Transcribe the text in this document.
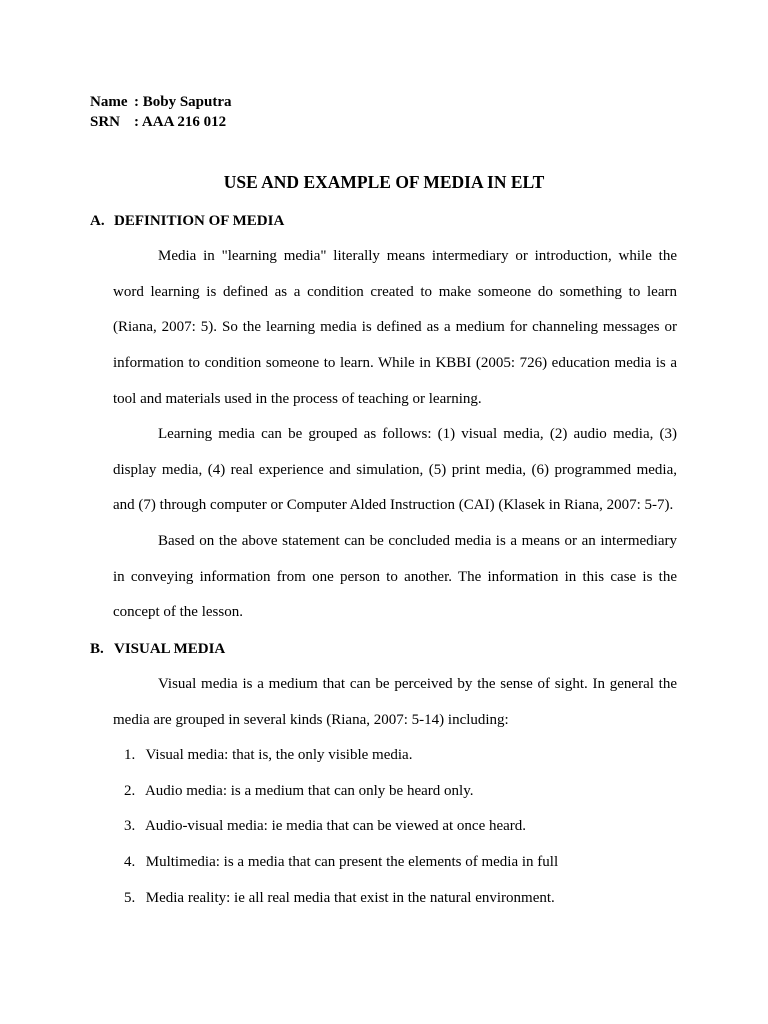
Name : Boby Saputra
SRN : AAA 216 012
USE AND EXAMPLE OF MEDIA IN ELT
A. DEFINITION OF MEDIA

Media in "learning media" literally means intermediary or introduction, while the word learning is defined as a condition created to make someone do something to learn (Riana, 2007: 5). So the learning media is defined as a medium for channeling messages or information to condition someone to learn. While in KBBI (2005: 726) education media is a tool and materials used in the process of teaching or learning.

Learning media can be grouped as follows: (1) visual media, (2) audio media, (3) display media, (4) real experience and simulation, (5) print media, (6) programmed media, and (7) through computer or Computer Alded Instruction (CAI) (Klasek in Riana, 2007: 5-7).

Based on the above statement can be concluded media is a means or an intermediary in conveying information from one person to another. The information in this case is the concept of the lesson.

B. VISUAL MEDIA

Visual media is a medium that can be perceived by the sense of sight. In general the media are grouped in several kinds (Riana, 2007: 5-14) including:

1. Visual media: that is, the only visible media.
2. Audio media: is a medium that can only be heard only.
3. Audio-visual media: ie media that can be viewed at once heard.
4. Multimedia: is a media that can present the elements of media in full
5. Media reality: ie all real media that exist in the natural environment.
